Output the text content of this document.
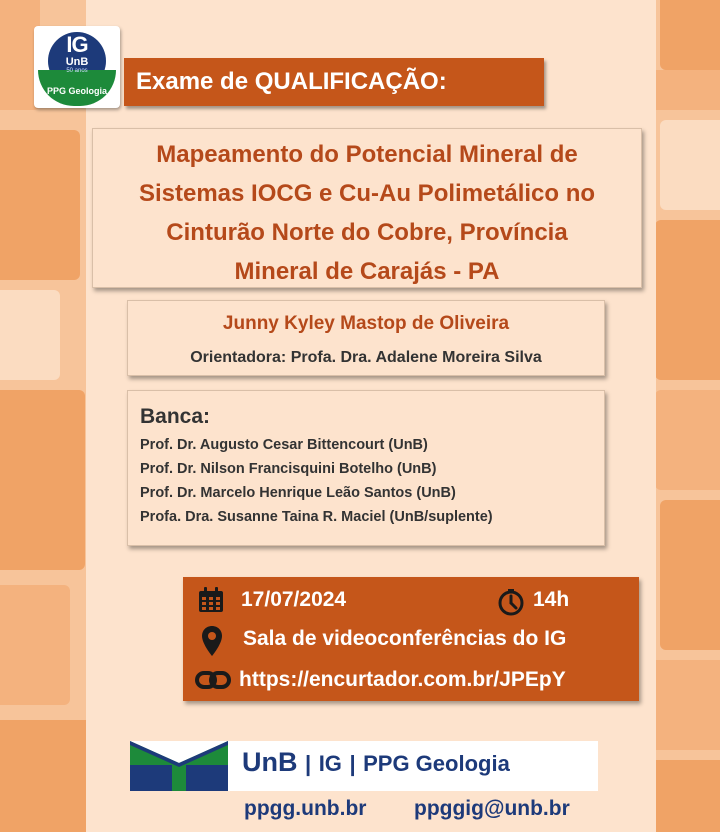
IG
UnB
50 anos
PPG Geologia	Exame de QUALIFICAÇÃO:
Mapeamento do Potencial Mineral de
Sistemas IOCG e Cu-Au Polimetálico no
Cinturão Norte do Cobre, Província
Mineral de Carajás - PA
Junny Kyley Mastop de Oliveira
Orientadora: Profa. Dra. Adalene Moreira Silva
Banca:
Prof. Dr. Augusto Cesar Bittencourt (UnB)
Prof. Dr. Nilson Francisquini Botelho (UnB)
Prof. Dr. Marcelo Henrique Leão Santos (UnB)
Profa. Dra. Susanne Taina R. Maciel (UnB/suplente)
17/07/2024	14h
Sala de videoconferências do IG
https://encurtador.com.br/JPEpY
UnB | IG | PPG Geologia
ppgg.unb.br ppggig@unb.br
